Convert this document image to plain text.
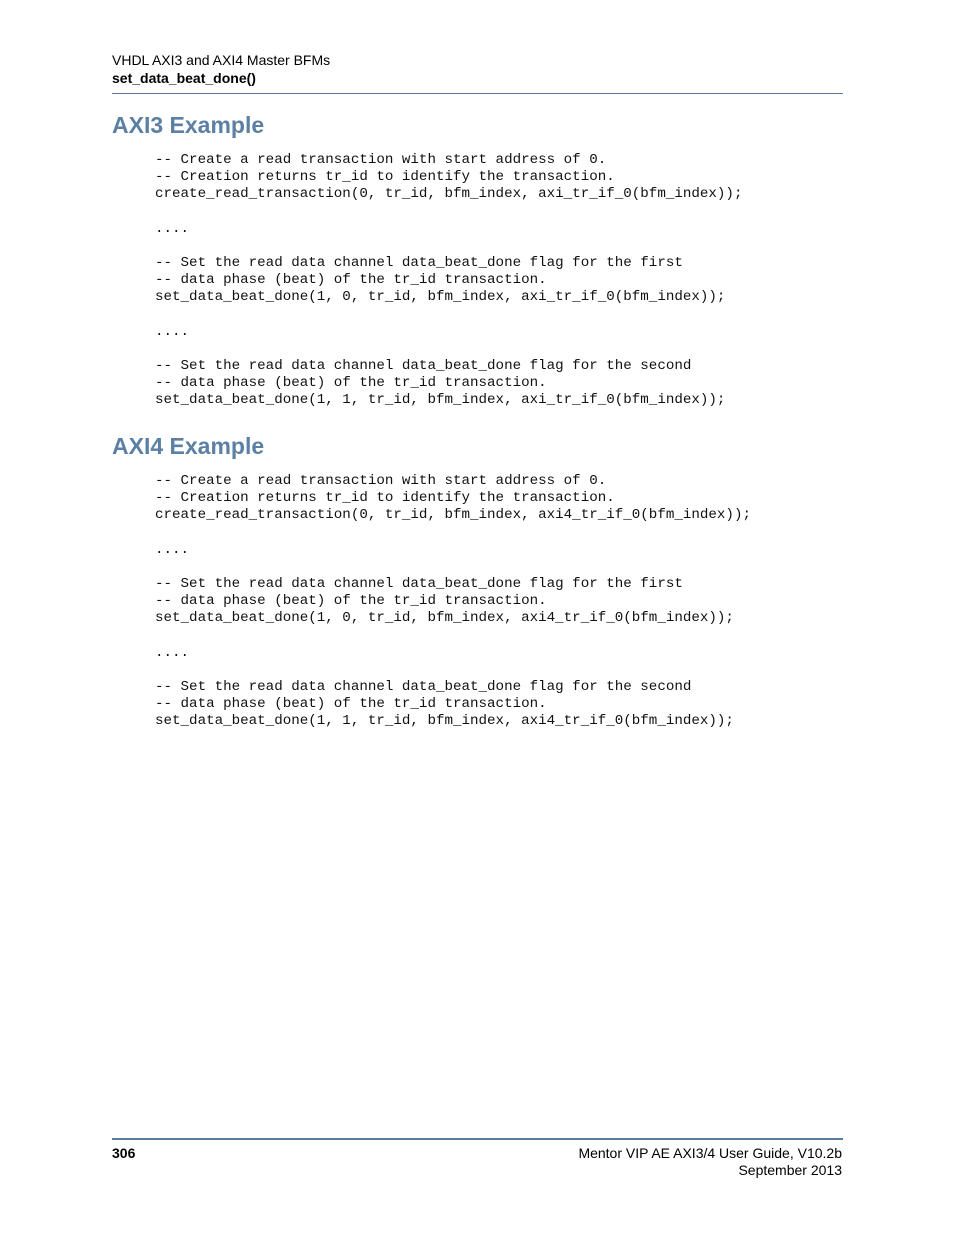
VHDL AXI3 and AXI4 Master BFMs

set_data_beat_done()

AXI3 Example
-- Create a read transaction with start address of 0.
-- Creation returns tr_id to identify the transaction.
create_read_transaction(0, tr_id, bfm_index, axi_tr_if_0(bfm_index));

....

-- Set the read data channel data_beat_done flag for the first
-- data phase (beat) of the tr_id transaction.
set_data_beat_done(1, 0, tr_id, bfm_index, axi_tr_if_0(bfm_index));

....

-- Set the read data channel data_beat_done flag for the second
-- data phase (beat) of the tr_id transaction.
set_data_beat_done(1, 1, tr_id, bfm_index, axi_tr_if_0(bfm_index));
AXI4 Example
-- Create a read transaction with start address of 0.
-- Creation returns tr_id to identify the transaction.
create_read_transaction(0, tr_id, bfm_index, axi4_tr_if_0(bfm_index));

....

-- Set the read data channel data_beat_done flag for the first
-- data phase (beat) of the tr_id transaction.
set_data_beat_done(1, 0, tr_id, bfm_index, axi4_tr_if_0(bfm_index));

....

-- Set the read data channel data_beat_done flag for the second
-- data phase (beat) of the tr_id transaction.
set_data_beat_done(1, 1, tr_id, bfm_index, axi4_tr_if_0(bfm_index));
306	Mentor VIP AE AXI3/4 User Guide, V10.2b
September 2013
